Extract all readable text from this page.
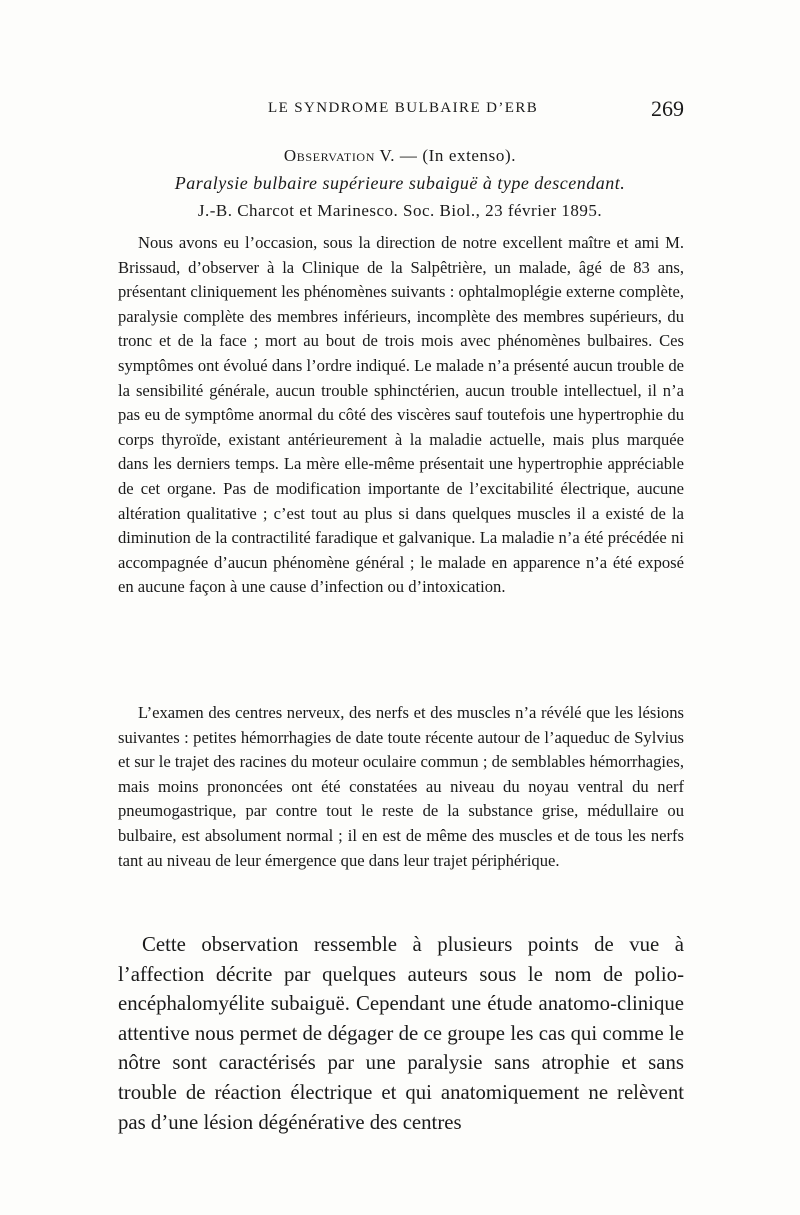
LE SYNDROME BULBAIRE D’ERB	269
Observation V. — (In extenso).
Paralysie bulbaire supérieure subaiguë à type descendant.
J.-B. Charcot et Marinesco. Soc. Biol., 23 février 1895.

Nous avons eu l’occasion, sous la direction de notre excellent maître et ami M. Brissaud, d’observer à la Clinique de la Salpêtrière, un malade, âgé de 83 ans, présentant cliniquement les phénomènes suivants : ophtalmoplégie externe complète, paralysie complète des membres inférieurs, incomplète des membres supérieurs, du tronc et de la face ; mort au bout de trois mois avec phénomènes bulbaires. Ces symptômes ont évolué dans l’ordre indiqué. Le malade n’a présenté aucun trouble de la sensibilité générale, aucun trouble sphinctérien, aucun trouble intellectuel, il n’a pas eu de symptôme anormal du côté des viscères sauf toutefois une hypertrophie du corps thyroïde, existant antérieurement à la maladie actuelle, mais plus marquée dans les derniers temps. La mère elle-même présentait une hypertrophie appréciable de cet organe. Pas de modification importante de l’excitabilité électrique, aucune altération qualitative ; c’est tout au plus si dans quelques muscles il a existé de la diminution de la contractilité faradique et galvanique. La maladie n’a été précédée ni accompagnée d’aucun phénomène général ; le malade en apparence n’a été exposé en aucune façon à une cause d’infection ou d’intoxication.

L’examen des centres nerveux, des nerfs et des muscles n’a révélé que les lésions suivantes : petites hémorrhagies de date toute récente autour de l’aqueduc de Sylvius et sur le trajet des racines du moteur oculaire commun ; de semblables hémorrhagies, mais moins prononcées ont été constatées au niveau du noyau ventral du nerf pneumogastrique, par contre tout le reste de la substance grise, médullaire ou bulbaire, est absolument normal ; il en est de même des muscles et de tous les nerfs tant au niveau de leur émergence que dans leur trajet périphérique.

Cette observation ressemble à plusieurs points de vue à l’affection décrite par quelques auteurs sous le nom de polio-encéphalomyélite subaiguë. Cependant une étude anatomo-clinique attentive nous permet de dégager de ce groupe les cas qui comme le nôtre sont caractérisés par une paralysie sans atrophie et sans trouble de réaction électrique et qui anatomiquement ne relèvent pas d’une lésion dégénérative des centres
